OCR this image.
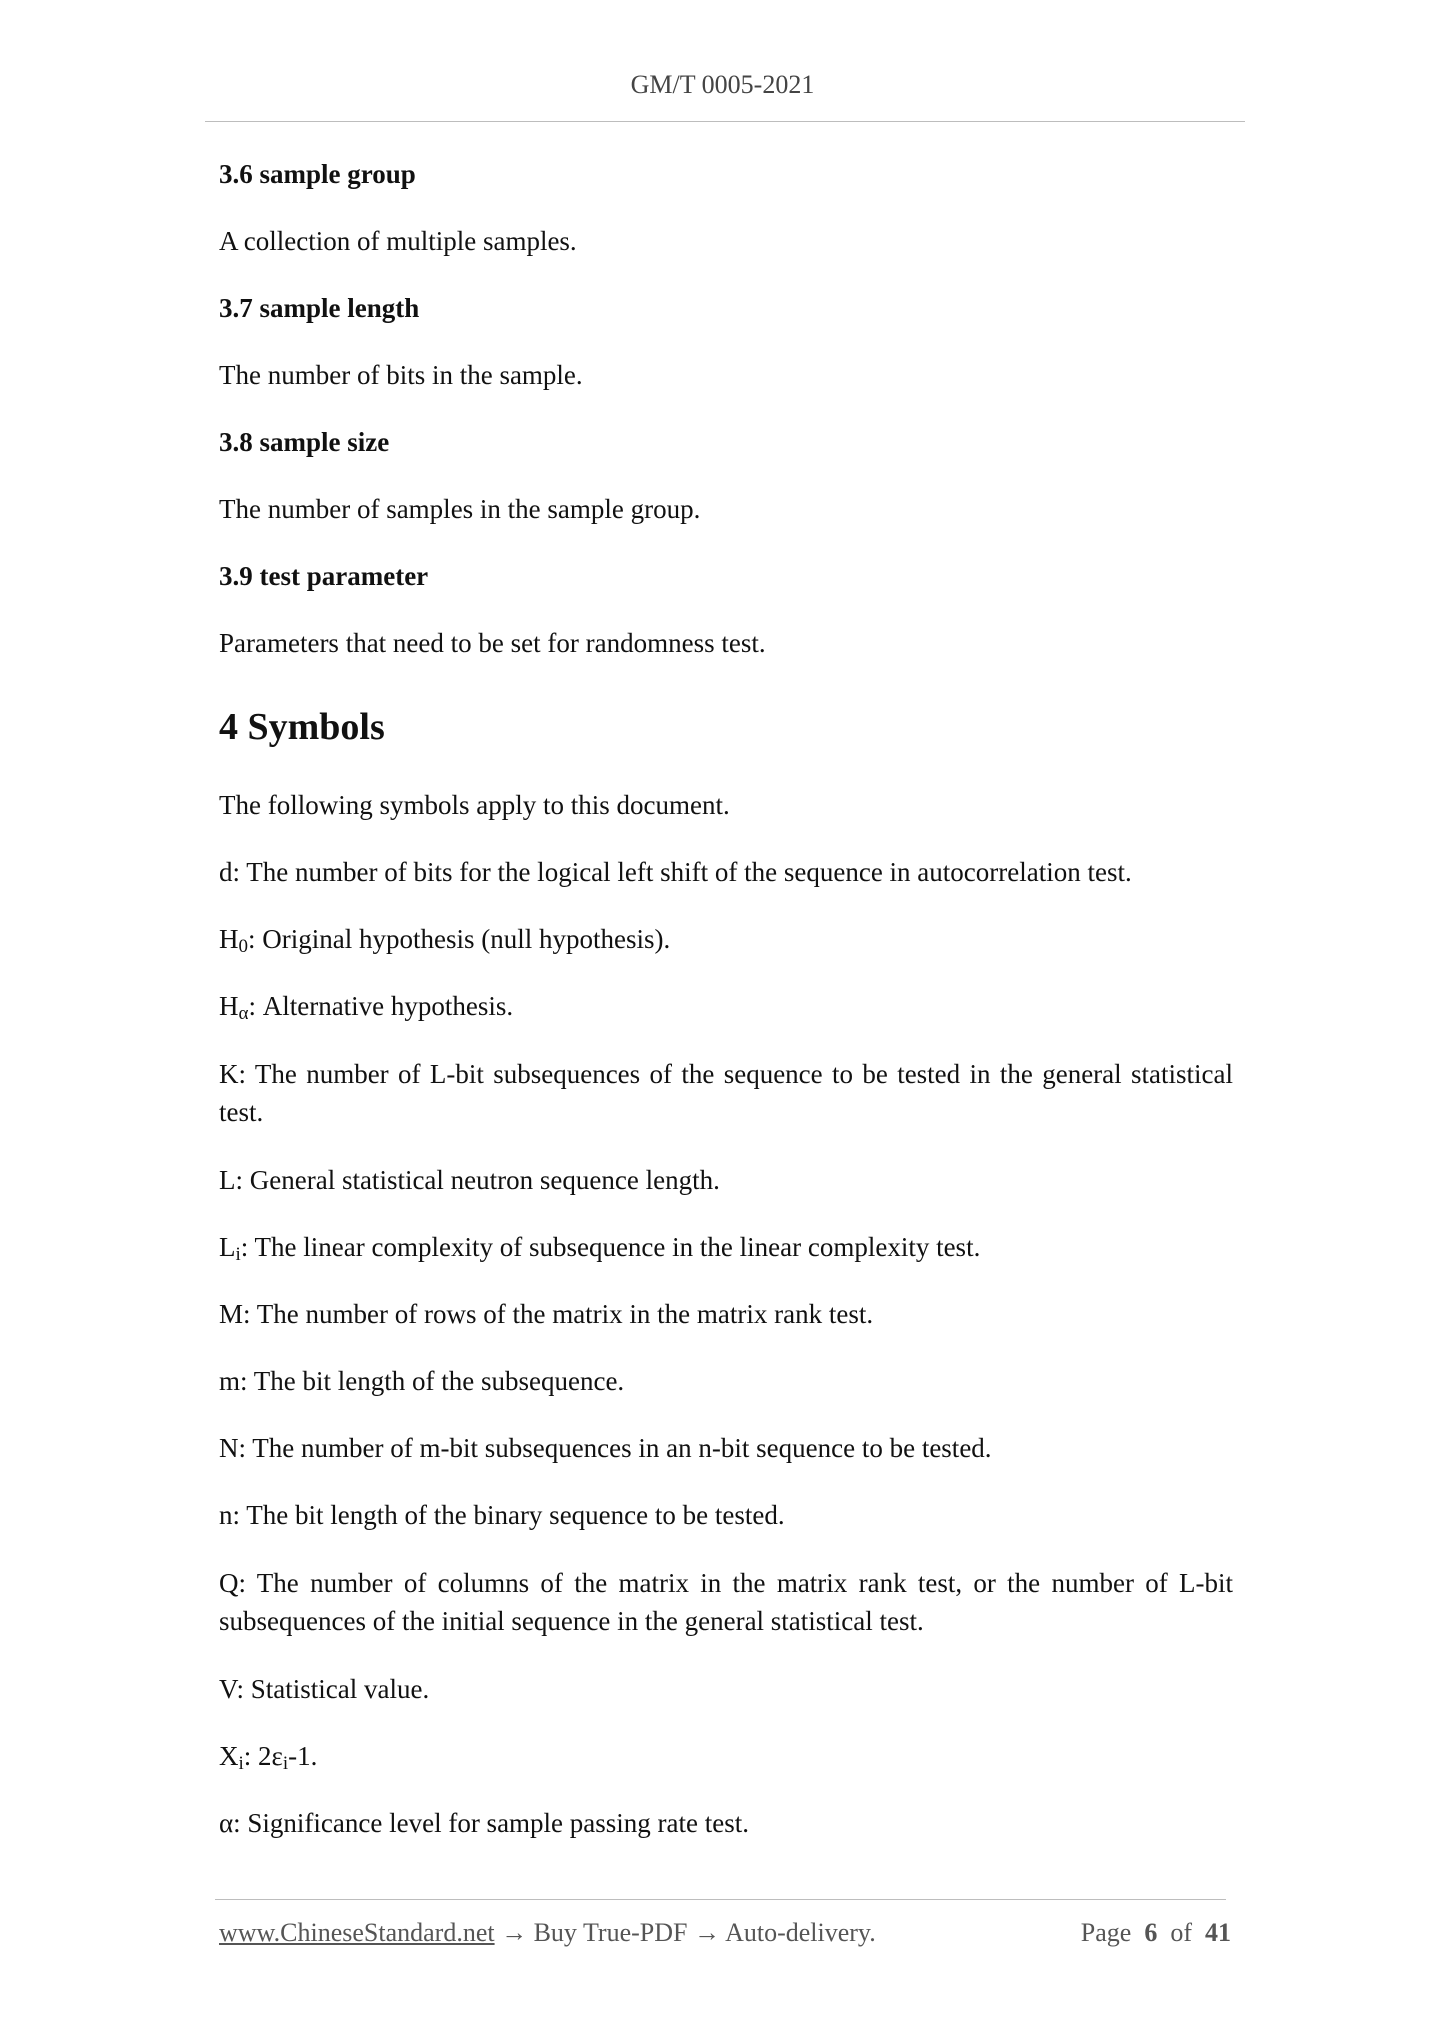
GM/T 0005-2021
3.6 sample group
A collection of multiple samples.
3.7 sample length
The number of bits in the sample.
3.8 sample size
The number of samples in the sample group.
3.9 test parameter
Parameters that need to be set for randomness test.
4 Symbols
The following symbols apply to this document.
d: The number of bits for the logical left shift of the sequence in autocorrelation test.
$H_0$: Original hypothesis (null hypothesis).
$H_\alpha$: Alternative hypothesis.
K: The number of L-bit subsequences of the sequence to be tested in the general statistical test.
L: General statistical neutron sequence length.
$L_i$: The linear complexity of subsequence in the linear complexity test.
M: The number of rows of the matrix in the matrix rank test.
m: The bit length of the subsequence.
N: The number of m-bit subsequences in an n-bit sequence to be tested.
n: The bit length of the binary sequence to be tested.
Q: The number of columns of the matrix in the matrix rank test, or the number of L-bit subsequences of the initial sequence in the general statistical test.
V: Statistical value.
$X_i$: $2\varepsilon_i-1$.
α: Significance level for sample passing rate test.
www.ChineseStandard.net → Buy True-PDF → Auto-delivery.	Page 6 of 41
